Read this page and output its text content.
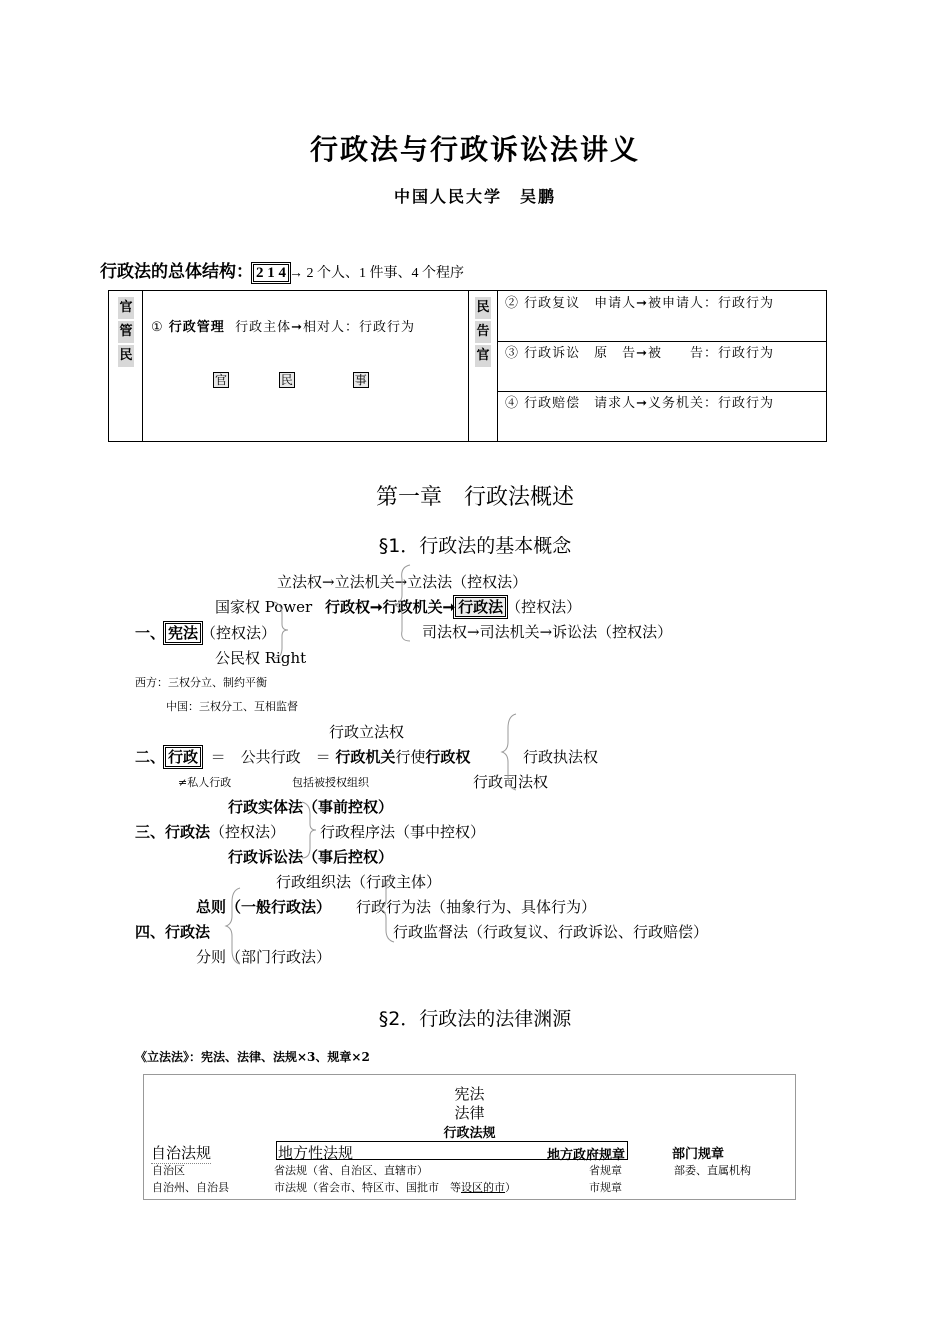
行政法与行政诉讼法讲义
中国人民大学　吴鹏
行政法的总体结构： 2 1 4 → 2 个人、1 件事、4 个程序
官
管
民
① 行政管理 行政主体➞相对人：行政行为
官	民	事
民
告
官
② 行政复议　申请人➞被申请人：行政行为
③ 行政诉讼　原　告➞被　　告：行政行为
④ 行政赔偿　请求人➞义务机关：行政行为
第一章　行政法概述
§1．行政法的基本概念
立法权→立法机关→立法法（控权法）
国家权 Power 行政权➞行政机关➞ 行政法 （控权法）
一、 宪法 （控权法）	司法权→司法机关→诉讼法（控权法）
公民权 Right
西方：三权分立、制约平衡
中国：三权分工、互相监督
行政立法权
二、 行政 ＝　公共行政　＝ 行政机关行使行政权	行政执法权
行政司法权
≠私人行政	包括被授权组织
行政实体法（事前控权）
三、行政法（控权法） 行政程序法（事中控权）
行政诉讼法（事后控权）
行政组织法（行政主体）
总则（一般行政法） 行政行为法（抽象行为、具体行为）
四、行政法	行政监督法（行政复议、行政诉讼、行政赔偿）
分则（部门行政法）
§2．行政法的法律渊源
《立法法》：宪法、法律、法规×3、规章×2
宪法
法律
行政法规
自治法规	地方性法规	地方政府规章	部门规章
自治区
自治州、自治县
省法规（省、自治区、直辖市）
市法规（省会市、特区市、国批市　等设区的市）
省规章
市规章
部委、直属机构
